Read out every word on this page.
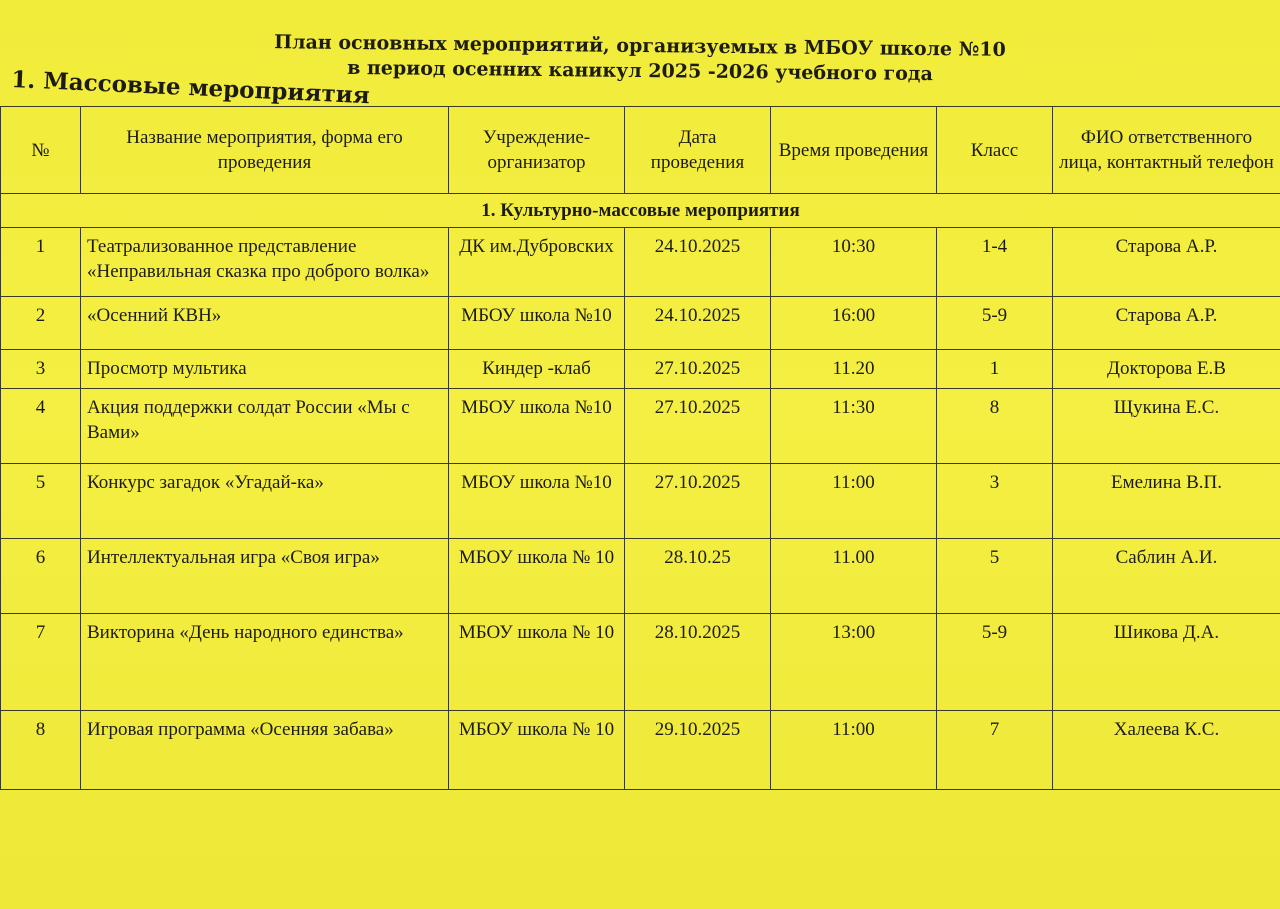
План основных мероприятий, организуемых в МБОУ школе №10
в период осенних каникул 2025 -2026 учебного года
1. Массовые мероприятия
№	Название мероприятия, форма его проведения	Учреждение-организатор	Дата проведения	Время проведения	Класс	ФИО ответственного лица, контактный телефон
1. Культурно-массовые мероприятия						
1	Театрализованное представление «Неправильная сказка про доброго волка»	ДК им.Дубровских	24.10.2025	10:30	1-4	Старова А.Р.
2	«Осенний КВН»	МБОУ школа №10	24.10.2025	16:00	5-9	Старова А.Р.
3	Просмотр мультика	Киндер -клаб	27.10.2025	11.20	1	Докторова Е.В
4	Акция поддержки солдат России «Мы с Вами»	МБОУ школа №10	27.10.2025	11:30	8	Щукина Е.С.
5	Конкурс загадок «Угадай-ка»	МБОУ школа №10	27.10.2025	11:00	3	Емелина В.П.
6	Интеллектуальная игра «Своя игра»	МБОУ школа № 10	28.10.25	11.00	5	Саблин А.И.
7	Викторина «День народного единства»	МБОУ школа № 10	28.10.2025	13:00	5-9	Шикова Д.А.
8	Игровая программа «Осенняя забава»	МБОУ школа № 10	29.10.2025	11:00	7	Халеева К.С.
